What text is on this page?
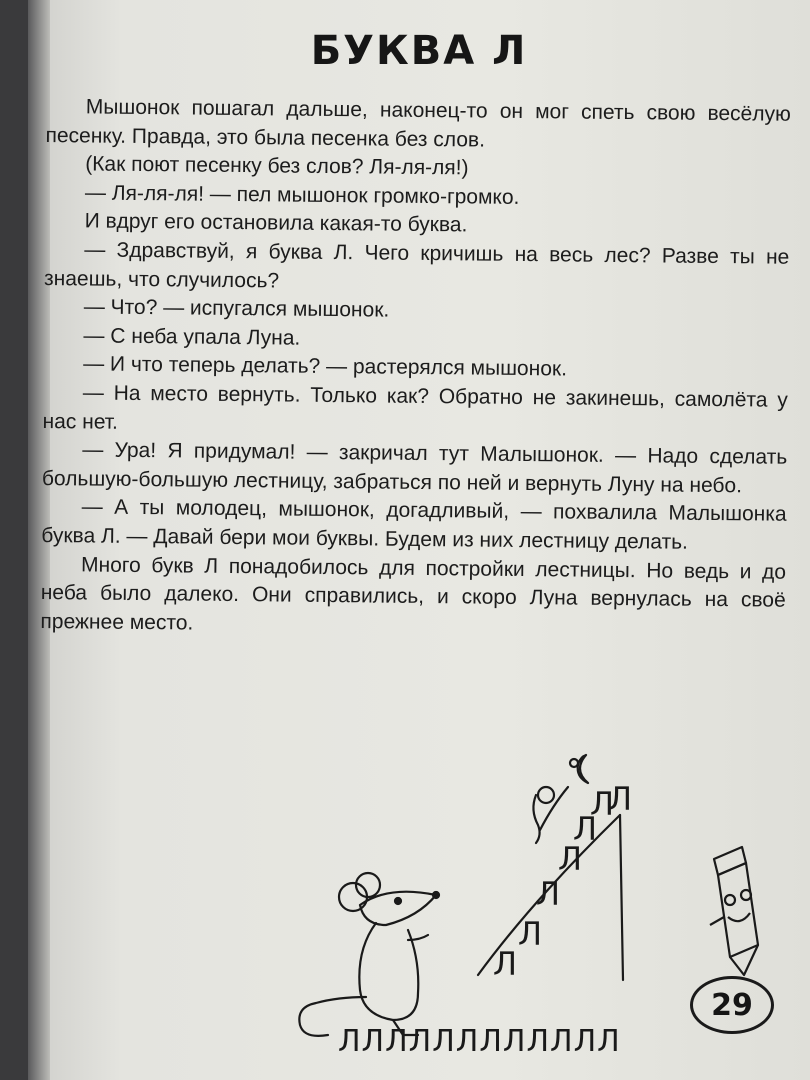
БУКВА Л

Мышонок пошагал дальше, наконец-то он мог спеть свою весёлую песенку. Правда, это была песенка без слов.

(Как поют песенку без слов? Ля-ля-ля!)

— Ля-ля-ля! — пел мышонок громко-громко.

И вдруг его остановила какая-то буква.

— Здравствуй, я буква Л. Чего кричишь на весь лес? Разве ты не знаешь, что случилось?

— Что? — испугался мышонок.

— С неба упала Луна.

— И что теперь делать? — растерялся мышонок.

— На место вернуть. Только как? Обратно не закинешь, самолёта у нас нет.

— Ура! Я придумал! — закричал тут Малышонок. — Надо сделать большую-большую лестницу, забраться по ней и вернуть Луну на небо.

— А ты молодец, мышонок, догадливый, — похвалила Малышонка буква Л. — Давай бери мои буквы. Будем из них лестницу делать.

Много букв Л понадобилось для постройки лестницы. Но ведь и до неба было далеко. Они справились, и скоро Луна вернулась на своё прежнее место.

Л
Л
Л
Л
Л
Л
Л
ЛЛЛЛЛЛЛЛЛЛЛЛ
29
